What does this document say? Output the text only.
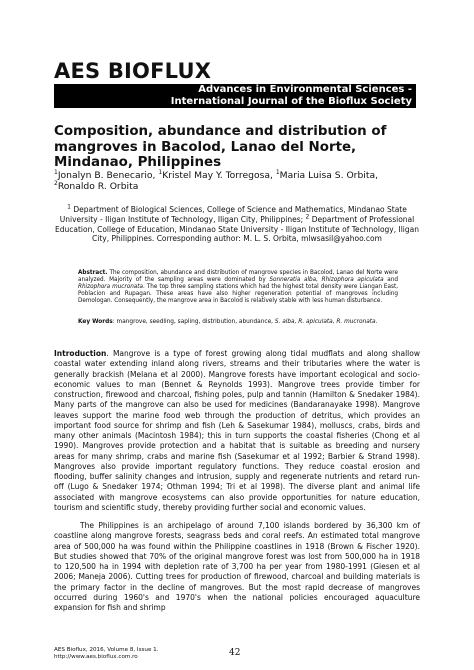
AES BIOFLUX
Advances in Environmental Sciences -
International Journal of the Bioflux Society
Composition, abundance and distribution of mangroves in Bacolod, Lanao del Norte, Mindanao, Philippines
$^1$Jonalyn B. Benecario, $^1$Kristel May Y. Torregosa, $^1$Maria Luisa S. Orbita,
$^2$Ronaldo R. Orbita
$^1$ Department of Biological Sciences, College of Science and Mathematics, Mindanao State University - Iligan Institute of Technology, Iligan City, Philippines; $^2$ Department of Professional Education, College of Education, Mindanao State University - Iligan Institute of Technology, Iligan City, Philippines. Corresponding author: M. L. S. Orbita, mlwsasil@yahoo.com
Abstract. The composition, abundance and distribution of mangrove species in Bacolod, Lanao del Norte were analyzed. Majority of the sampling areas were dominated by Sonneratia alba, Rhizophora apiculata and Rhizophora mucronata. The top three sampling stations which had the highest total density were Liangan East, Poblacion and Rupagan. These areas have also higher regeneration potential of mangroves including Demologan. Consequently, the mangrove area in Bacolod is relatively stable with less human disturbance.
Key Words: mangrove, seedling, sapling, distribution, abundance, S. alba, R. apiculata, R. mucronata.

Introduction. Mangrove is a type of forest growing along tidal mudflats and along shallow coastal water extending inland along rivers, streams and their tributaries where the water is generally brackish (Melana et al 2000). Mangrove forests have important ecological and socio-economic values to man (Bennet & Reynolds 1993). Mangrove trees provide timber for construction, firewood and charcoal, fishing poles, pulp and tannin (Hamilton & Snedaker 1984). Many parts of the mangrove can also be used for medicines (Bandaranayake 1998). Mangrove leaves support the marine food web through the production of detritus, which provides an important food source for shrimp and fish (Leh & Sasekumar 1984), molluscs, crabs, birds and many other animals (Macintosh 1984); this in turn supports the coastal fisheries (Chong et al 1990). Mangroves provide protection and a habitat that is suitable as breeding and nursery areas for many shrimp, crabs and marine fish (Sasekumar et al 1992; Barbier & Strand 1998). Mangroves also provide important regulatory functions. They reduce coastal erosion and flooding, buffer salinity changes and intrusion, supply and regenerate nutrients and retard run-off (Lugo & Snedaker 1974; Othman 1994; Tri et al 1998). The diverse plant and animal life associated with mangrove ecosystems can also provide opportunities for nature education, tourism and scientific study, thereby providing further social and economic values.

The Philippines is an archipelago of around 7,100 islands bordered by 36,300 km of coastline along mangrove forests, seagrass beds and coral reefs. An estimated total mangrove area of 500,000 ha was found within the Philippine coastlines in 1918 (Brown & Fischer 1920). But studies showed that 70% of the original mangrove forest was lost from 500,000 ha in 1918 to 120,500 ha in 1994 with depletion rate of 3,700 ha per year from 1980-1991 (Giesen et al 2006; Maneja 2006). Cutting trees for production of firewood, charcoal and building materials is the primary factor in the decline of mangroves. But the most rapid decrease of mangroves occurred during 1960's and 1970's when the national policies encouraged aquaculture expansion for fish and shrimp

AES Bioflux, 2016, Volume 8, Issue 1.
http://www.aes.bioflux.com.ro	42
